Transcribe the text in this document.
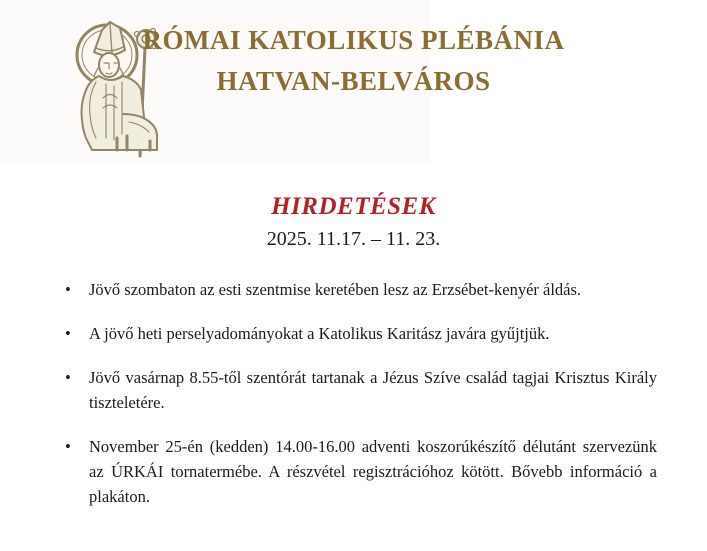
RÓMAI KATOLIKUS PLÉBÁNIA
HATVAN-BELVÁROS
HIRDETÉSEK
2025. 11.17. – 11. 23.
• Jövő szombaton az esti szentmise keretében lesz az Erzsébet-kenyér áldás.
• A jövő heti perselyadományokat a Katolikus Karitász javára gyűjtjük.
• Jövő vasárnap 8.55-től szentórát tartanak a Jézus Szíve család tagjai Krisztus Király tiszteletére.
• November 25-én (kedden) 14.00-16.00 adventi koszorúkészítő délutánt szervezünk az ÚRKÁI tornatermébe. A részvétel regisztrációhoz kötött. Bővebb információ a plakáton.
